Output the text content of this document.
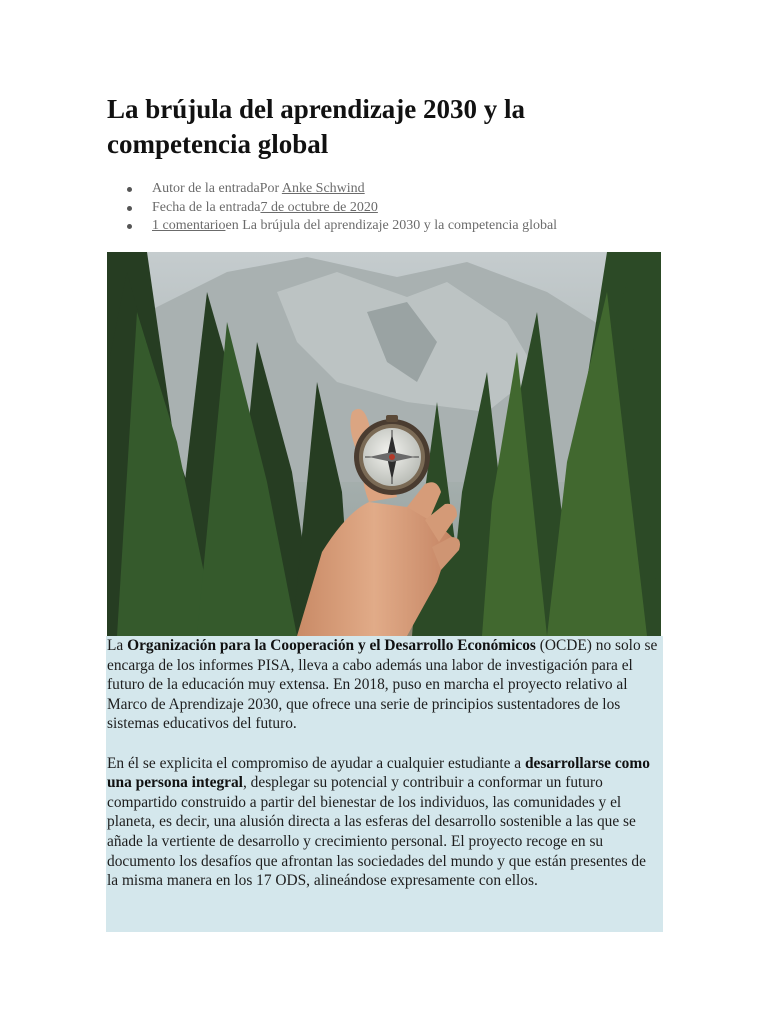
La brújula del aprendizaje 2030 y la competencia global
Autor de la entradaPor Anke Schwind
Fecha de la entrada7 de octubre de 2020
1 comentarioen La brújula del aprendizaje 2030 y la competencia global

La Organización para la Cooperación y el Desarrollo Económicos (OCDE) no solo se encarga de los informes PISA, lleva a cabo además una labor de investigación para el futuro de la educación muy extensa. En 2018, puso en marcha el proyecto relativo al Marco de Aprendizaje 2030, que ofrece una serie de principios sustentadores de los sistemas educativos del futuro.

En él se explicita el compromiso de ayudar a cualquier estudiante a desarrollarse como una persona integral, desplegar su potencial y contribuir a conformar un futuro compartido construido a partir del bienestar de los individuos, las comunidades y el planeta, es decir, una alusión directa a las esferas del desarrollo sostenible a las que se añade la vertiente de desarrollo y crecimiento personal. El proyecto recoge en su documento los desafíos que afrontan las sociedades del mundo y que están presentes de la misma manera en los 17 ODS, alineándose expresamente con ellos.
